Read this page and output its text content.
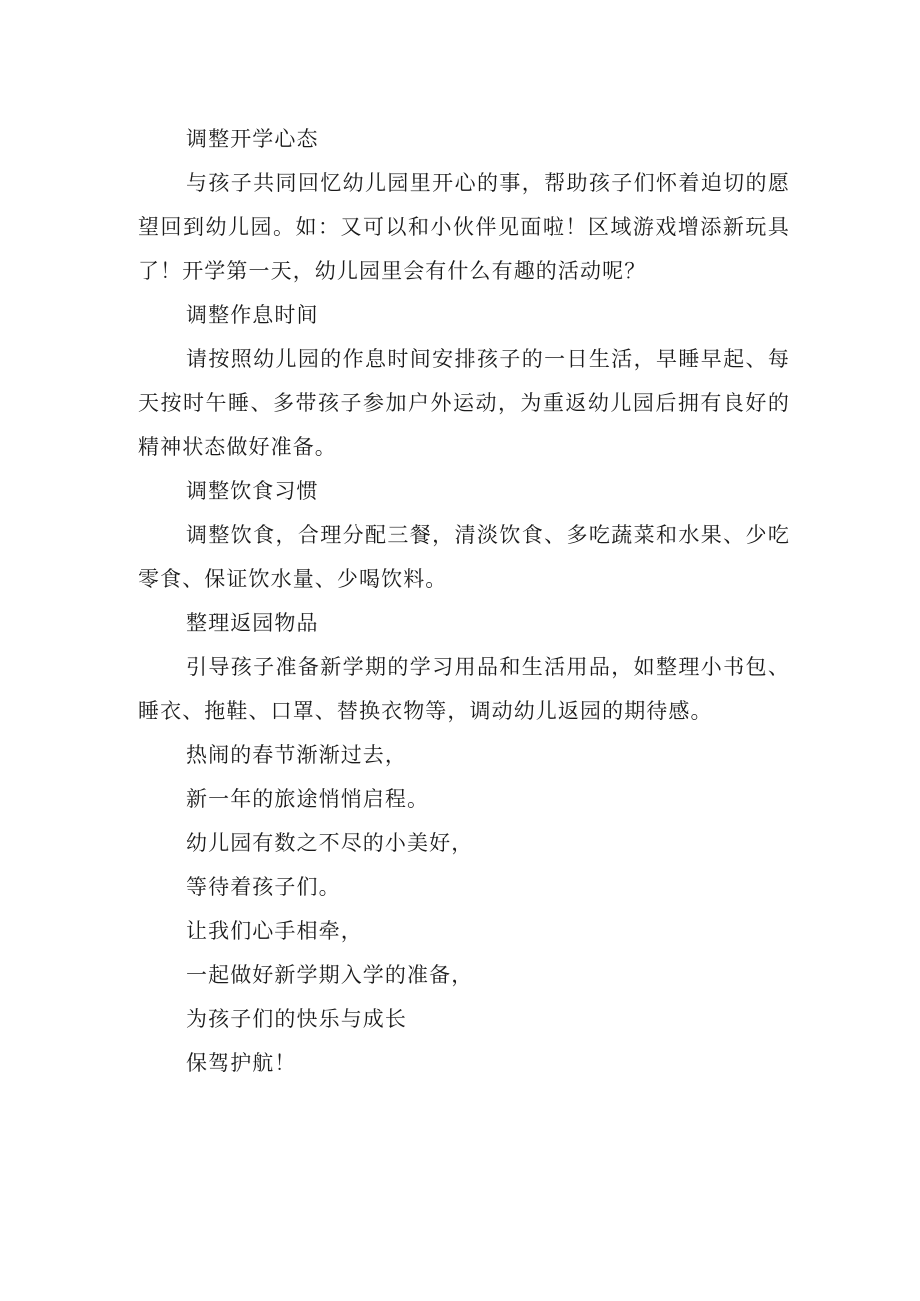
调整开学心态

与孩子共同回忆幼儿园里开心的事，帮助孩子们怀着迫切的愿望回到幼儿园。如：又可以和小伙伴见面啦！区域游戏增添新玩具了！开学第一天，幼儿园里会有什么有趣的活动呢？

调整作息时间

请按照幼儿园的作息时间安排孩子的一日生活，早睡早起、每天按时午睡、多带孩子参加户外运动，为重返幼儿园后拥有良好的精神状态做好准备。

调整饮食习惯

调整饮食，合理分配三餐，清淡饮食、多吃蔬菜和水果、少吃零食、保证饮水量、少喝饮料。

整理返园物品

引导孩子准备新学期的学习用品和生活用品，如整理小书包、睡衣、拖鞋、口罩、替换衣物等，调动幼儿返园的期待感。

热闹的春节渐渐过去，

新一年的旅途悄悄启程。

幼儿园有数之不尽的小美好，

等待着孩子们。

让我们心手相牵，

一起做好新学期入学的准备，

为孩子们的快乐与成长

保驾护航！
